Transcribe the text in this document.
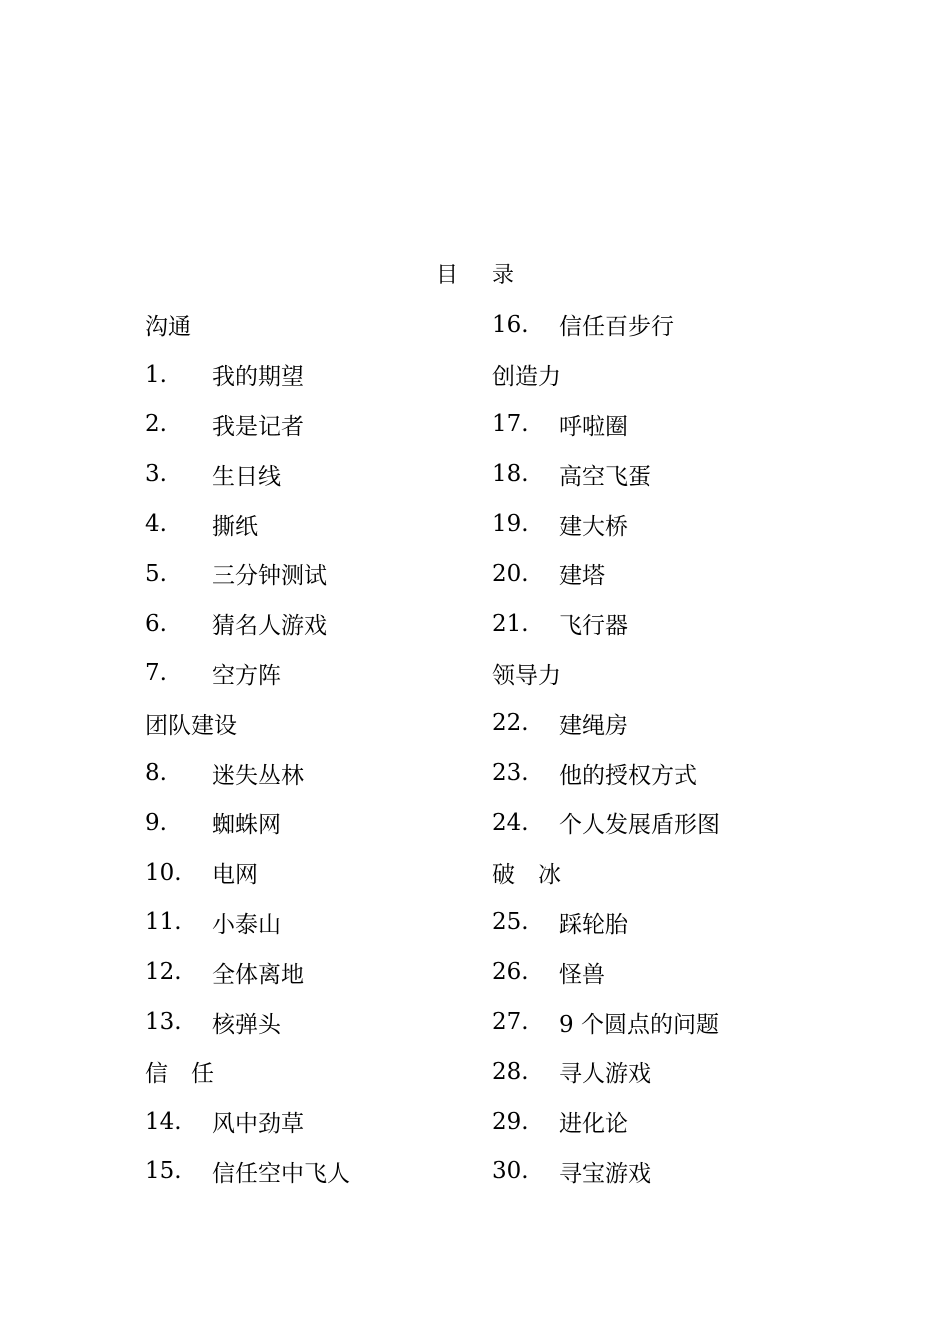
目 录
沟通
1.	我的期望
2.	我是记者
3.	生日线
4.	撕纸
5.	三分钟测试
6.	猜名人游戏
7.	空方阵
团队建设
8.	迷失丛林
9.	蜘蛛网
10.	电网
11.	小泰山
12.	全体离地
13.	核弹头
信　任
14.	风中劲草
15.	信任空中飞人
16.	信任百步行
创造力
17.	呼啦圈
18.	高空飞蛋
19.	建大桥
20.	建塔
21.	飞行器
领导力
22.	建绳房
23.	他的授权方式
24.	个人发展盾形图
破　冰
25.	踩轮胎
26.	怪兽
27.	9 个圆点的问题
28.	寻人游戏
29.	进化论
30.	寻宝游戏
